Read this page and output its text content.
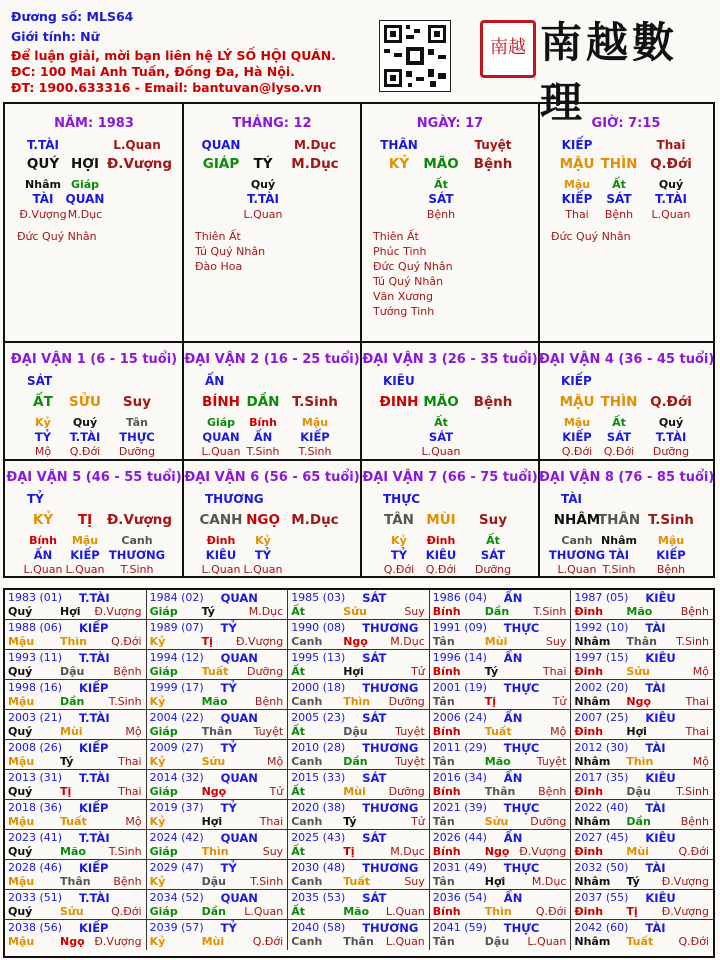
Đương số: MLS64
Giới tính: Nữ
Để luận giải, mời bạn liên hệ LÝ SỐ HỘI QUÁN.
ĐC: 100 Mai Anh Tuấn, Đống Đa, Hà Nội.
ĐT: 1900.633316 - Email: bantuvan@lyso.vn
南越 南越數理
NĂM: 1983
T.TÀI	L.Quan
QUÝ HỢI Đ.Vượng
Nhâm Giáp
TÀI	QUAN
Đ.Vượng M.Dục
Đức Quý Nhân
THÁNG: 12
QUAN	M.Dục
GIÁP	TÝ	M.Dục
Quý
T.TÀI
L.Quan
Thiên Ất
Tú Quý Nhân
Đào Hoa
NGÀY: 17
THÂN	Tuyệt
KỶ	MÃO	Bệnh
Ất
SÁT
Bệnh
Thiên Ất
Phúc Tinh
Đức Quý Nhân
Tú Quý Nhân
Văn Xương
Tướng Tinh
GIỜ: 7:15
KIẾP	Thai
MẬU THÌN Q.Đới
Mậu	Ất	Quý
KIẾP	SÁT	T.TÀI
Thai	Bệnh	L.Quan
Đức Quý Nhân
ĐẠI VẬN 1 (6 - 15 tuổi)
SÁT
ẤT	SỬU	Suy
Kỷ	Quý	Tân
TỶ	T.TÀI	THỰC
Mộ	Q.Đới	Dưỡng
ĐẠI VẬN 2 (16 - 25 tuổi)
ẤN
BÍNH DẦN T.Sinh
Giáp	Bính	Mậu
QUAN	ẤN	KIẾP
L.Quan T.Sinh	T.Sinh
ĐẠI VẬN 3 (26 - 35 tuổi)
KIÊU
ĐINH MÃO	Bệnh
Ất
SÁT
L.Quan
ĐẠI VẬN 4 (36 - 45 tuổi)
KIẾP
MẬU THÌN Q.Đới
Mậu	Ất	Quý
KIẾP	SÁT	T.TÀI
Q.Đới	Q.Đới	Dưỡng
ĐẠI VẬN 5 (46 - 55 tuổi)
TỶ
KỶ	TỊ	Đ.Vượng
Bính	Mậu	Canh
ẤN	KIẾP THƯƠNG
L.Quan L.Quan	T.Sinh
ĐẠI VẬN 6 (56 - 65 tuổi)
THƯƠNG
CANH NGỌ M.Dục
Đinh	Kỷ
KIÊU	TỶ
L.Quan L.Quan
ĐẠI VẬN 7 (66 - 75 tuổi)
THỰC
TÂN MÙI	Suy
Kỷ	Đinh	Ất
TỶ	KIÊU	SÁT
Q.Đới	Q.Đới	Dưỡng
ĐẠI VẬN 8 (76 - 85 tuổi)
TÀI
NHÂM
THÂN T.Sinh
Canh Nhâm	Mậu
THƯƠNG TÀI	KIẾP
L.Quan T.Sinh	Bệnh
1983 (01) T.TÀI
Quý	Hợi Đ.Vượng
1984 (02) QUAN
Giáp Tý	M.Dục
1985 (03) SÁT
Ất	Sửu	Suy
1986 (04) ẤN
Bính Dần T.Sinh
1987 (05) KIÊU
Đinh Mão	Bệnh
1988 (06) KIẾP
Mậu Thìn Q.Đới
1989 (07) TỶ
Kỷ	Tị Đ.Vượng
1990 (08) THƯƠNG
Canh Ngọ M.Dục
1991 (09) THỰC
Tân	Mùi	Suy
1992 (10) TÀI
Nhâm Thân T.Sinh
1993 (11) T.TÀI
Quý	Dậu	Bệnh
1994 (12) QUAN
Giáp Tuất Dưỡng
1995 (13) SÁT
Ất	Hợi	Tử
1996 (14) ẤN
Bính Tý	Thai
1997 (15) KIÊU
Đinh Sửu	Mộ
1998 (16) KIẾP
Mậu Dần T.Sinh
1999 (17) TỶ
Kỷ	Mão Bệnh
2000 (18) THƯƠNG
Canh Thìn Dưỡng
2001 (19) THỰC
Tân	Tị	Tử
2002 (20) TÀI
Nhâm Ngọ	Thai
2003 (21) T.TÀI
Quý	Mùi	Mộ
2004 (22) QUAN
Giáp Thân Tuyệt
2005 (23) SÁT
Ất	Dậu	Tuyệt
2006 (24) ẤN
Bính Tuất	Mộ
2007 (25) KIÊU
Đinh Hợi	Thai
2008 (26) KIẾP
Mậu Tý	Thai
2009 (27) TỶ
Kỷ	Sửu	Mộ
2010 (28) THƯƠNG
Canh Dần	Tuyệt
2011 (29) THỰC
Tân	Mão Tuyệt
2012 (30) TÀI
Nhâm Thìn	Mộ
2013 (31) T.TÀI
Quý	Tị	Thai
2014 (32) QUAN
Giáp Ngọ	Tử
2015 (33) SÁT
Ất	Mùi Dưỡng
2016 (34) ẤN
Bính Thân Bệnh
2017 (35) KIÊU
Đinh Dậu T.Sinh
2018 (36) KIẾP
Mậu Tuất	Mộ
2019 (37) TỶ
Kỷ	Hợi	Thai
2020 (38) THƯƠNG
Canh Tý	Tử
2021 (39) THỰC
Tân	Sửu Dưỡng
2022 (40) TÀI
Nhâm Dần	Bệnh
2023 (41) T.TÀI
Quý	Mão T.Sinh
2024 (42) QUAN
Giáp Thìn	Suy
2025 (43) SÁT
Ất	Tị	M.Dục
2026 (44) ẤN
Bính Ngọ Đ.Vượng
2027 (45) KIÊU
Đinh Mùi	Q.Đới
2028 (46) KIẾP
Mậu Thân Bệnh
2029 (47) TỶ
Kỷ	Dậu T.Sinh
2030 (48) THƯƠNG
Canh Tuất	Suy
2031 (49) THỰC
Tân	Hợi M.Dục
2032 (50) TÀI
Nhâm Tý Đ.Vượng
2033 (51) T.TÀI
Quý	Sửu	Q.Đới
2034 (52) QUAN
Giáp Dần L.Quan
2035 (53) SÁT
Ất	Mão L.Quan
2036 (54) ẤN
Bính Thìn Q.Đới
2037 (55) KIÊU
Đinh Tị Đ.Vượng
2038 (56) KIẾP
Mậu Ngọ Đ.Vượng
2039 (57) TỶ
Kỷ	Mùi	Q.Đới
2040 (58) THƯƠNG
Canh Thân L.Quan
2041 (59) THỰC
Tân	Dậu L.Quan
2042 (60) TÀI
Nhâm Tuất Q.Đới
